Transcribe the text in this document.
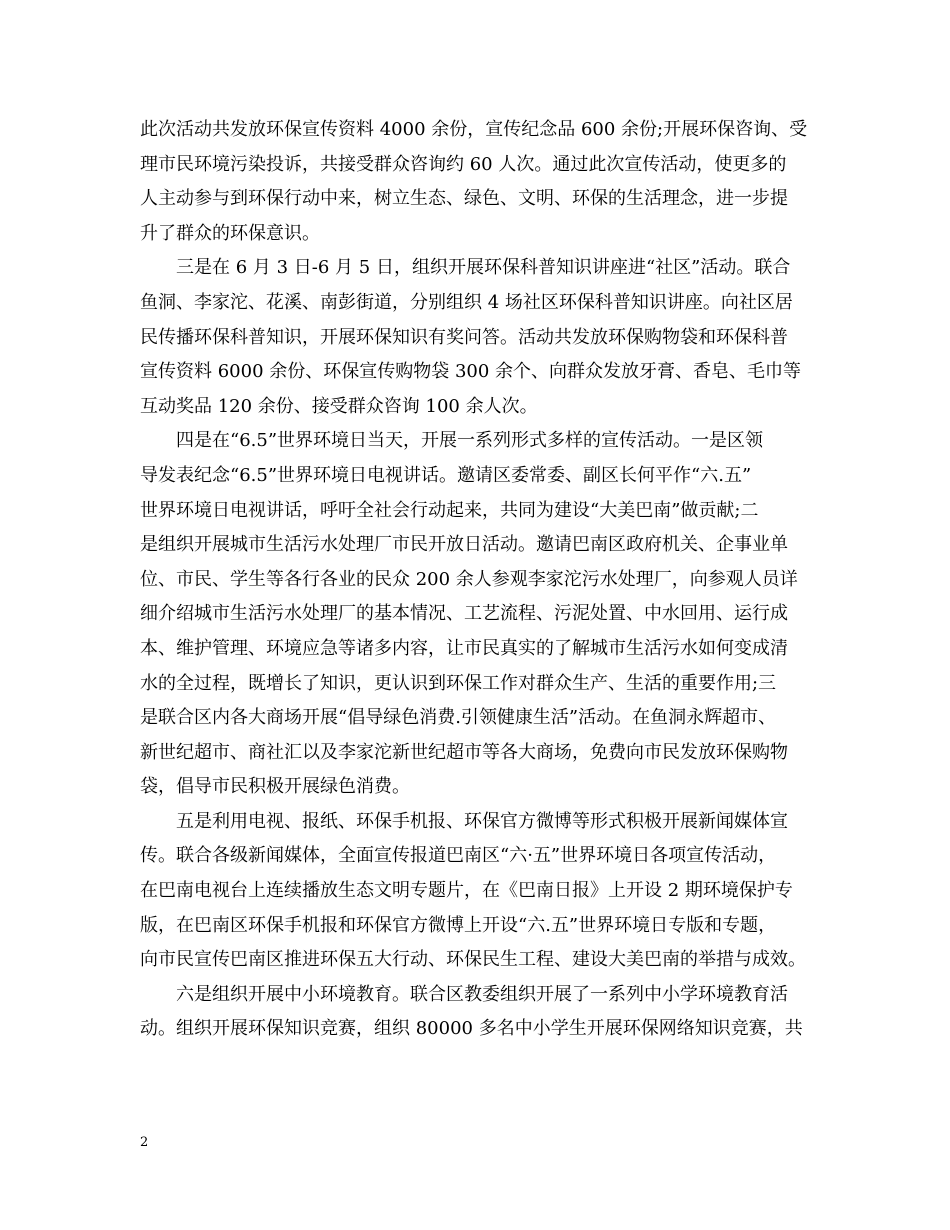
此次活动共发放环保宣传资料 4000 余份，宣传纪念品 600 余份;开展环保咨询、受
理市民环境污染投诉，共接受群众咨询约 60 人次。通过此次宣传活动，使更多的
人主动参与到环保行动中来，树立生态、绿色、文明、环保的生活理念，进一步提
升了群众的环保意识。
三是在 6 月 3 日-6 月 5 日，组织开展环保科普知识讲座进“社区”活动。联合
鱼洞、李家沱、花溪、南彭街道，分别组织 4 场社区环保科普知识讲座。向社区居
民传播环保科普知识，开展环保知识有奖问答。活动共发放环保购物袋和环保科普
宣传资料 6000 余份、环保宣传购物袋 300 余个、向群众发放牙膏、香皂、毛巾等
互动奖品 120 余份、接受群众咨询 100 余人次。
四是在“6.5”世界环境日当天，开展一系列形式多样的宣传活动。一是区领
导发表纪念“6.5”世界环境日电视讲话。邀请区委常委、副区长何平作“六.五”
世界环境日电视讲话，呼吁全社会行动起来，共同为建设“大美巴南”做贡献;二
是组织开展城市生活污水处理厂市民开放日活动。邀请巴南区政府机关、企事业单
位、市民、学生等各行各业的民众 200 余人参观李家沱污水处理厂，向参观人员详
细介绍城市生活污水处理厂的基本情况、工艺流程、污泥处置、中水回用、运行成
本、维护管理、环境应急等诸多内容，让市民真实的了解城市生活污水如何变成清
水的全过程，既增长了知识，更认识到环保工作对群众生产、生活的重要作用;三
是联合区内各大商场开展“倡导绿色消费.引领健康生活”活动。在鱼洞永辉超市、
新世纪超市、商社汇以及李家沱新世纪超市等各大商场，免费向市民发放环保购物
袋，倡导市民积极开展绿色消费。
五是利用电视、报纸、环保手机报、环保官方微博等形式积极开展新闻媒体宣
传。联合各级新闻媒体，全面宣传报道巴南区“六·五”世界环境日各项宣传活动，
在巴南电视台上连续播放生态文明专题片，在《巴南日报》上开设 2 期环境保护专
版，在巴南区环保手机报和环保官方微博上开设“六.五”世界环境日专版和专题，
向市民宣传巴南区推进环保五大行动、环保民生工程、建设大美巴南的举措与成效。
六是组织开展中小环境教育。联合区教委组织开展了一系列中小学环境教育活
动。组织开展环保知识竞赛，组织 80000 多名中小学生开展环保网络知识竞赛，共
2
